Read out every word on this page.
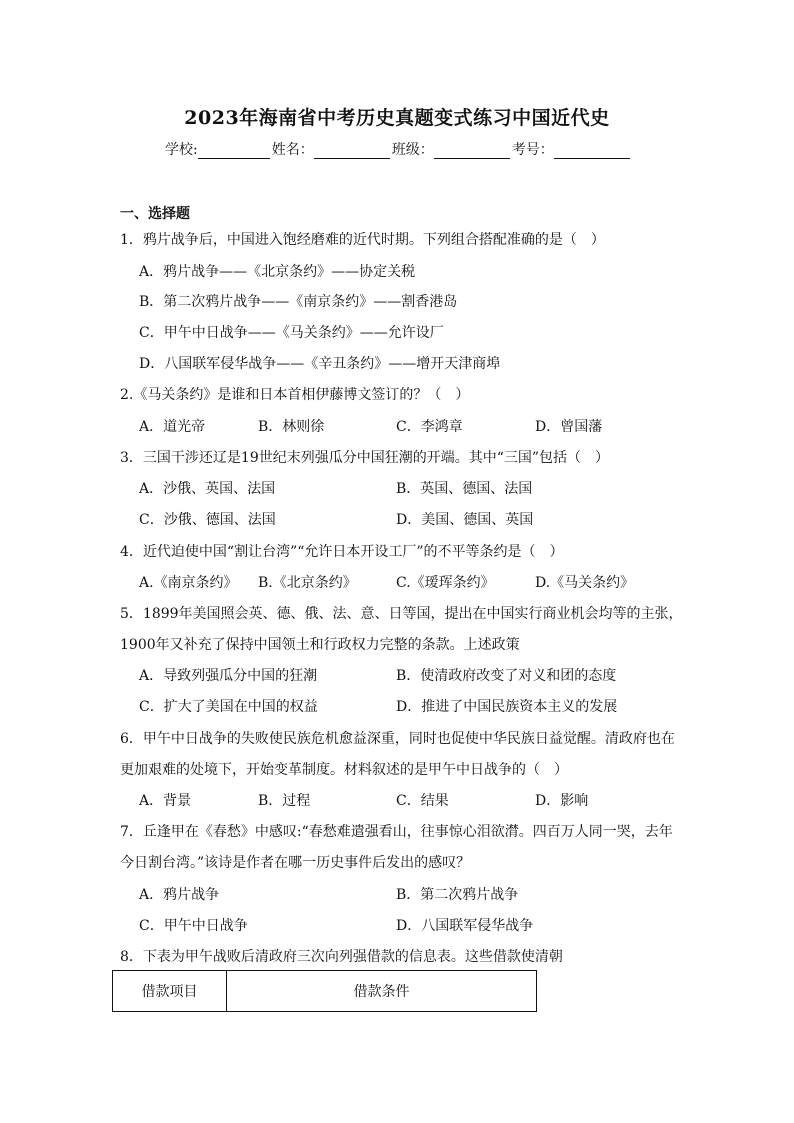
2023年海南省中考历史真题变式练习中国近代史
学校:	姓名：	班级：	考号：
一、选择题
1．鸦片战争后，中国进入饱经磨难的近代时期。下列组合搭配准确的是（　）
A．鸦片战争——《北京条约》——协定关税
B．第二次鸦片战争——《南京条约》——割香港岛
C．甲午中日战争——《马关条约》——允许设厂
D．八国联军侵华战争——《辛丑条约》——增开天津商埠
2.《马关条约》是谁和日本首相伊藤博文签订的？（　）
A．道光帝	B．林则徐	C．李鸿章	D．曾国藩
3．三国干涉还辽是19世纪末列强瓜分中国狂潮的开端。其中“三国”包括（　）
A．沙俄、英国、法国	B．英国、德国、法国
C．沙俄、德国、法国	D．美国、德国、英国
4．近代迫使中国“割让台湾”“允许日本开设工厂”的不平等条约是（　）
A.《南京条约》 B.《北京条约》	C.《瑷珲条约》	D.《马关条约》
5．1899年美国照会英、德、俄、法、意、日等国，提出在中国实行商业机会均等的主张，
1900年又补充了保持中国领土和行政权力完整的条款。上述政策
A．导致列强瓜分中国的狂潮	B．使清政府改变了对义和团的态度
C．扩大了美国在中国的权益	D．推进了中国民族资本主义的发展
6．甲午中日战争的失败使民族危机愈益深重，同时也促使中华民族日益觉醒。清政府也在
更加艰难的处境下，开始变革制度。材料叙述的是甲午中日战争的（　）
A．背景	B．过程	C．结果	D．影响
7．丘逢甲在《春愁》中感叹:“春愁难遣强看山，往事惊心泪欲潸。四百万人同一哭，去年
今日割台湾。”该诗是作者在哪一历史事件后发出的感叹？
A．鸦片战争	B．第二次鸦片战争
C．甲午中日战争	D．八国联军侵华战争
8．下表为甲午战败后清政府三次向列强借款的信息表。这些借款使清朝
借款项目	借款条件
